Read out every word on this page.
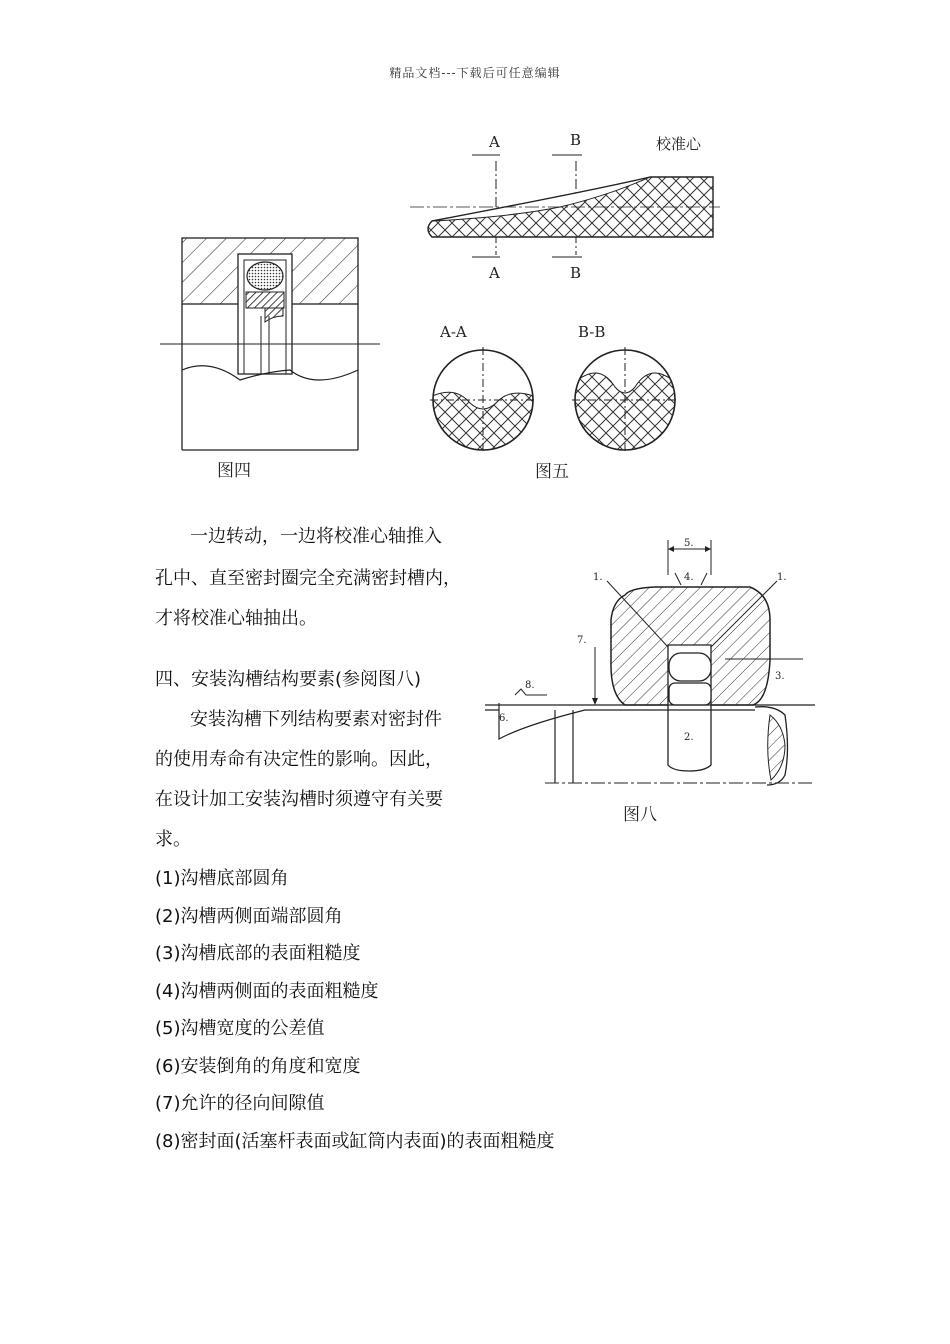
精品文档---下载后可任意编辑
图四
A	B	校准心
A	B
A-A	B-B
图五
一边转动，一边将校准心轴推入
孔中、直至密封圈完全充满密封槽内，
才将校准心轴抽出。
四、安装沟槽结构要素(参阅图八)
安装沟槽下列结构要素对密封件
的使用寿命有决定性的影响。因此，
在设计加工安装沟槽时须遵守有关要
求。
5.
4.
2.
1.	1.
3.
7.
8.
6.
图八
(1)沟槽底部圆角
(2)沟槽两侧面端部圆角
(3)沟槽底部的表面粗糙度
(4)沟槽两侧面的表面粗糙度
(5)沟槽宽度的公差值
(6)安装倒角的角度和宽度
(7)允许的径向间隙值
(8)密封面(活塞杆表面或缸筒内表面)的表面粗糙度
